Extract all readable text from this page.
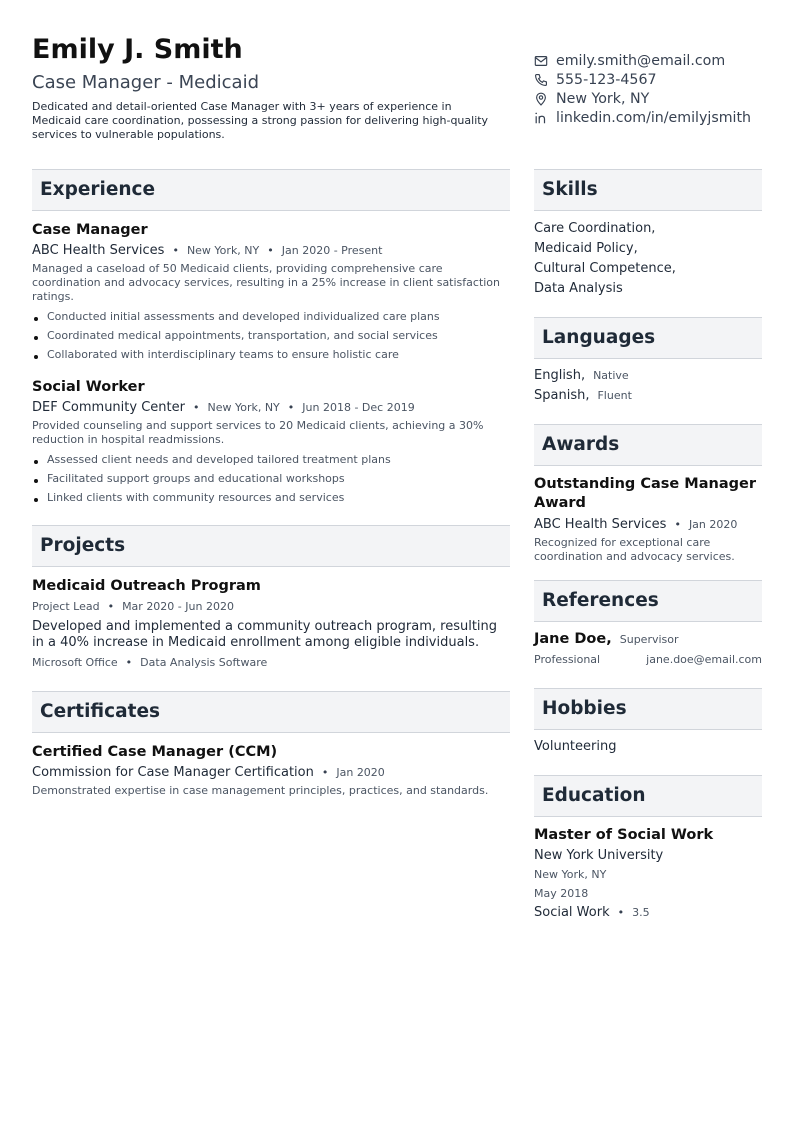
Emily J. Smith
Case Manager - Medicaid
Dedicated and detail-oriented Case Manager with 3+ years of experience in Medicaid care coordination, possessing a strong passion for delivering high-quality services to vulnerable populations.
emily.smith@email.com
555-123-4567
New York, NY
linkedin.com/in/emilyjsmith
Experience
Case Manager
ABC Health Services • New York, NY • Jan 2020 - Present
Managed a caseload of 50 Medicaid clients, providing comprehensive care coordination and advocacy services, resulting in a 25% increase in client satisfaction ratings.
Conducted initial assessments and developed individualized care plans
Coordinated medical appointments, transportation, and social services
Collaborated with interdisciplinary teams to ensure holistic care
Social Worker
DEF Community Center • New York, NY • Jun 2018 - Dec 2019
Provided counseling and support services to 20 Medicaid clients, achieving a 30% reduction in hospital readmissions.
Assessed client needs and developed tailored treatment plans
Facilitated support groups and educational workshops
Linked clients with community resources and services
Projects
Medicaid Outreach Program
Project Lead • Mar 2020 - Jun 2020
Developed and implemented a community outreach program, resulting in a 40% increase in Medicaid enrollment among eligible individuals.
Microsoft Office • Data Analysis Software
Certificates
Certified Case Manager (CCM)
Commission for Case Manager Certification • Jan 2020
Demonstrated expertise in case management principles, practices, and standards.
Skills
Care Coordination,
Medicaid Policy,
Cultural Competence,
Data Analysis
Languages
English, Native
Spanish, Fluent
Awards
Outstanding Case Manager Award
ABC Health Services • Jan 2020
Recognized for exceptional care coordination and advocacy services.
References
Jane Doe, Supervisor
Professional	jane.doe@email.com
Hobbies
Volunteering
Education
Master of Social Work
New York University
New York, NY
May 2018
Social Work • 3.5
